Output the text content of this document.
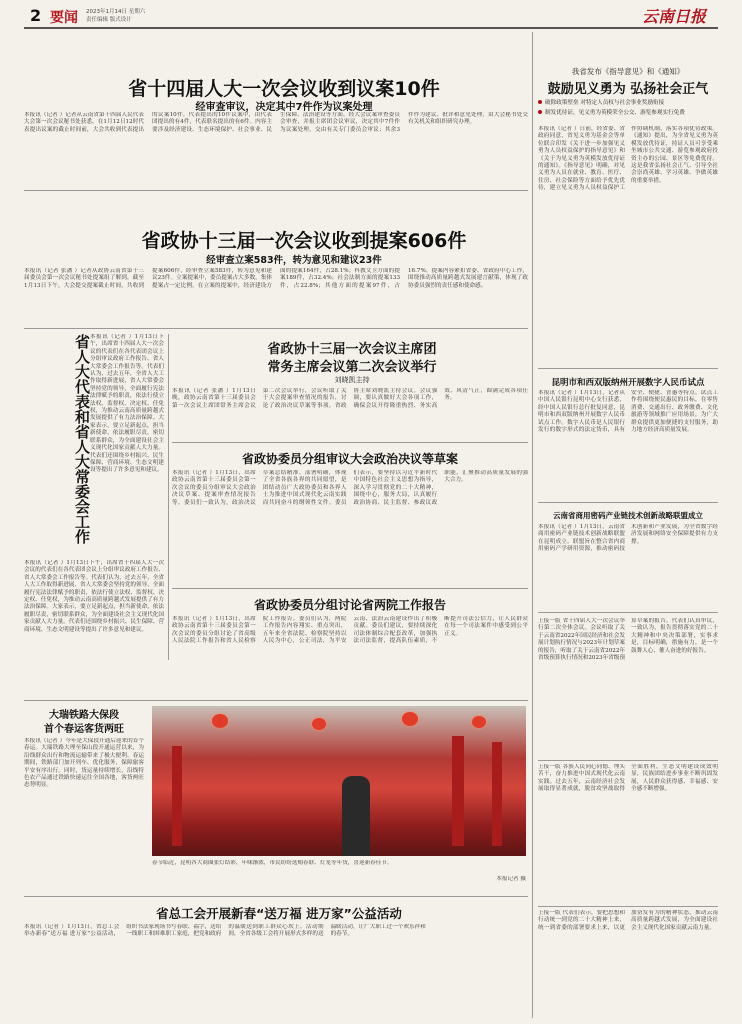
2 要闻 2023年1月14日 星期六
责任编辑 版式设计	云南日报
省十四届人大一次会议收到议案10件
经审查审议，决定其中7件作为议案处理
本报讯（记者 ）记者从云南省第十四届人民代表大会第一次会议秘书处获悉，在1月12日12时代表提出议案的截止时间前，大会共收到代表提出的议案10件。代表提出的10件议案中，由代表团提出的有4件，代表联名提出的有6件。内容主要涉及经济建设、生态环境保护、社会事业、民生保障、法治建设等方面。经大会议案审查委员会审查，并报主席团会议审议，决定其中7件作为议案处理，交由有关专门委员会审议；其余3件作为建议、批评和意见处理，由大会秘书处交有关机关和组织研究办理。
省政协十三届一次会议收到提案606件
经审查立案583件，转为意见和建议23件
本报讯（记者 张潘 ）记者从政协云南省第十三届委员会第一次会议秘书处提案组了解到，截至1月13日下午，大会提交提案截止时间，共收到提案606件，经审查立案583件，转为意见和建议23件。立案提案中，委员提案占大多数，集体提案占一定比例。在立案的提案中，经济建设方面的提案164件，占28.1%；科教文卫方面的提案189件，占32.4%；社会法制方面的提案133件，占22.8%；其他方面的提案97件，占16.7%。提案内容紧扣省委、省政府中心工作，围绕推动高质量跨越式发展建言献策，体现了政协委员强烈的责任感和使命感。
省人大代表和省人大常委会工作 本报讯（记者 ）1月13日下午，出席省十四届人大一次会议的代表们在各代表团会议上分组审议政府工作报告、省人大常委会工作报告等。代表们认为，过去五年，全省人大工作取得新进展，省人大常委会坚持党的领导，全面履行宪法法律赋予的职责，依法行使立法权、监督权、决定权、任免权，为推动云南高质量跨越式发展提供了有力法治保障。大家表示，要立足新起点，担当新使命，依法履职尽责，密切联系群众，为全面建设社会主义现代化国家贡献人大力量。代表们还围绕乡村振兴、民生保障、营商环境、生态文明建设等提出了许多意见和建议。
本报讯（记者 ）1月13日下午，出席省十四届人大一次会议的代表们在各代表团会议上分组审议政府工作报告、省人大常委会工作报告等。代表们认为，过去五年，全省人大工作取得新进展，省人大常委会坚持党的领导，全面履行宪法法律赋予的职责，依法行使立法权、监督权、决定权、任免权，为推动云南高质量跨越式发展提供了有力法治保障。大家表示，要立足新起点，担当新使命，依法履职尽责，密切联系群众，为全面建设社会主义现代化国家贡献人大力量。代表们还围绕乡村振兴、民生保障、营商环境、生态文明建设等提出了许多意见和建议。
省政协十三届一次会议主席团
常务主席会议第二次会议举行
刘晓凯主持
本报讯（记者 张潘 ）1月13日晚，政协云南省第十三届委员会第一次会议主席团常务主席会议第二次会议举行，会议听取了关于大会提案审查情况的报告，讨论了政治决议草案等事项。省政协主席刘晓凯主持会议。会议强调，要认真做好大会各项工作，确保会议开得隆重热烈、务实高效、风清气正，圆满完成各项任务。
省政协委员分组审议大会政治决议等草案
本报讯（记者 ）1月13日，出席政协云南省第十三届委员会第一次会议的委员分组审议大会政治决议草案、提案审查情况报告等。委员们一致认为，政治决议草案总结精准、部署明确，体现了全省各族各界的共同愿望，是团结动员广大政协委员和各界人士为推进中国式现代化云南实践而共同奋斗的纲领性文件。委员们表示，要坚持以习近平新时代中国特色社会主义思想为指导，深入学习贯彻党的二十大精神，围绕中心，服务大局，认真履行政治协商、民主监督、参政议政职能，汇聚推动高质量发展的强大合力。
省政协委员分组讨论省两院工作报告
本报讯（记者 ）1月13日，出席政协云南省第十三届委员会第一次会议的委员分组讨论了省高级人民法院工作报告和省人民检察院工作报告。委员们认为，两院工作报告内容翔实、重点突出，五年来全省法院、检察院坚持以人民为中心，公正司法，为平安云南、法治云南建设作出了积极贡献。委员们建议，要持续深化司法体制综合配套改革，加强执法司法监督，提高队伍素质，不断提升司法公信力，让人民群众在每一个司法案件中感受到公平正义。
大瑞铁路大保段
首个春运客货两旺
本报讯（记者 ）今年是大保段开通后迎来的首个春运。大瑞铁路大理至保山段开通运营以来，为沿线群众出行和物流运输带来了极大便利。春运期间，铁路部门加开列车、优化服务，保障旅客平安有序出行。同时，货运量持续增长，沿线特色农产品通过铁路快速运往全国各地，客货两旺态势明显。
春节临近，昆明各大商圈张灯结彩，年味渐浓，市民纷纷选购春联、灯笼等年货，喜迎新春佳节。
本报记者 摄
省总工会开展新春“送万福 进万家”公益活动
本报讯（记者 ）1月13日，省总工会举办新春“送万福 进万家”公益活动，组织书法家现场书写春联、福字，送给一线职工和困难职工家庭，把党和政府的温暖送到职工群众心坎上。活动期间，全省各级工会将开展形式多样的送温暖活动，让广大职工过一个欢乐祥和的春节。
我省发布《指导意见》和《通知》
鼓励见义勇为 弘扬社会正气
破除政策壁垒 对特定人员权与社会事业奖励衔接
制发优待证，见义勇为英模荣全公交、游览参观实行免费
本报讯（记者 ）日前，经省委、省政府同意，省见义勇为基金会等单位联合印发《关于进一步加强见义勇为人员权益保护的指导意见》和《关于为见义勇为英模发放优待证的通知》。《指导意见》明确，对见义勇为人员在就业、教育、医疗、住房、社会保险等方面给予优先优待，建立见义勇为人员权益保护工作协调机制，落实各项优待政策。《通知》提出，为全省见义勇为英模发放优待证，持证人员可享受乘坐城市公共交通、游览参观政府投资主办的公园、景区等免费优待。这是我省弘扬社会正气、引导全社会崇尚英雄、学习英雄、争做英雄的重要举措。
昆明市和西双版纳州开展数字人民币试点
本报讯（记者 ）1月13日，记者从中国人民银行昆明中心支行获悉，经中国人民银行总行批复同意，昆明市和西双版纳州开展数字人民币试点工作。数字人民币是人民银行发行的数字形式的法定货币，具有安全、便捷、普惠等特点。试点工作将围绕便民惠民的目标，在零售消费、交通出行、政务缴费、文化旅游等领域推广应用场景，为广大群众提供更加便捷的支付服务，助力地方经济高质量发展。
云南省商用密码产业链技术创新战略联盟成立
本报讯（记者 ）1月13日，云南省商用密码产业链技术创新战略联盟在昆明成立。联盟旨在整合省内商用密码产学研用资源，推动密码技术创新和产业发展，为全省数字经济发展和网络安全保障提供有力支撑。
上接一版 省十四届人大一次会议举行第二次全体会议。会议听取了关于云南省2022年国民经济和社会发展计划执行情况与2023年计划草案的报告，听取了关于云南省2022年省级预算执行情况和2023年省级预算草案的报告。代表们认真审议，一致认为，报告贯彻落实党的二十大精神和中央决策部署，实事求是，目标明确，措施有力，是一个鼓舞人心、催人奋进的好报告。
上接一版 各族人民同心同德、埋头苦干，奋力推进中国式现代化云南实践。过去五年，云南经济社会发展取得显著成就，脱贫攻坚战取得全面胜利，生态文明建设成效明显，民族团结进步事业不断巩固发展，人民群众获得感、幸福感、安全感不断增强。
上接一版 代表们表示，要把思想和行动统一到党的二十大精神上来，统一到省委的部署要求上来，以更加奋发有为的精神状态，推动云南高质量跨越式发展，为全面建设社会主义现代化国家贡献云南力量。
